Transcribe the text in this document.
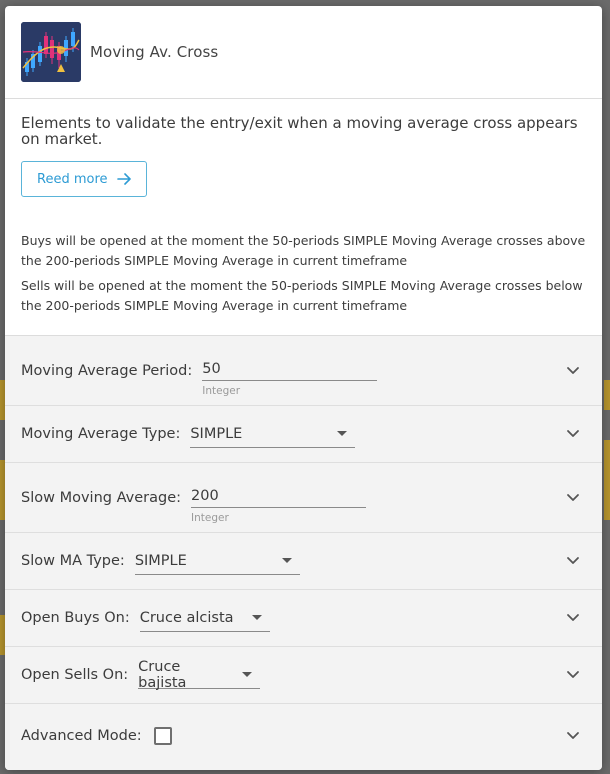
Moving Av. Cross
Elements to validate the entry/exit when a moving average cross appears on market.
Reed more

Buys will be opened at the moment the 50-periods SIMPLE Moving Average crosses above the 200-periods SIMPLE Moving Average in current timeframe

Sells will be opened at the moment the 50-periods SIMPLE Moving Average crosses below the 200-periods SIMPLE Moving Average in current timeframe

Moving Average Period: 50
Integer
Moving Average Type: SIMPLE
Slow Moving Average: 200
Integer
Slow MA Type: SIMPLE
Open Buys On: Cruce alcista
Open Sells On:
Cruce bajista
Advanced Mode:
